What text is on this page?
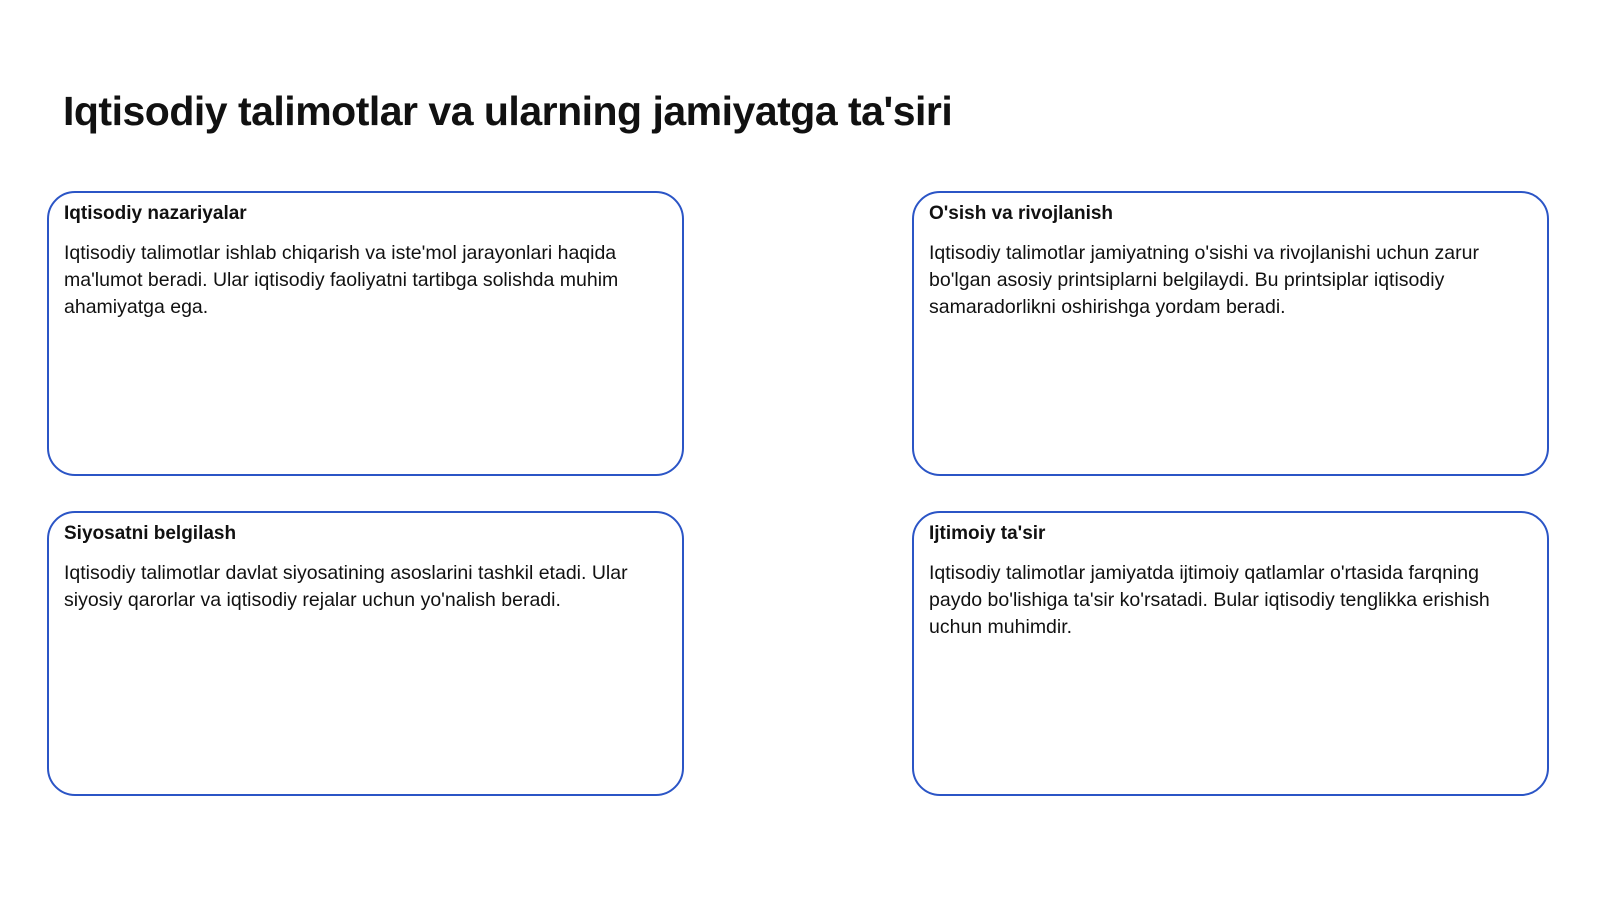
Iqtisodiy talimotlar va ularning jamiyatga ta'siri
Iqtisodiy nazariyalar

Iqtisodiy talimotlar ishlab chiqarish va iste'mol jarayonlari haqida ma'lumot beradi. Ular iqtisodiy faoliyatni tartibga solishda muhim ahamiyatga ega.

O'sish va rivojlanish

Iqtisodiy talimotlar jamiyatning o'sishi va rivojlanishi uchun zarur bo'lgan asosiy printsiplarni belgilaydi. Bu printsiplar iqtisodiy samaradorlikni oshirishga yordam beradi.

Siyosatni belgilash

Iqtisodiy talimotlar davlat siyosatining asoslarini tashkil etadi. Ular siyosiy qarorlar va iqtisodiy rejalar uchun yo'nalish beradi.

Ijtimoiy ta'sir

Iqtisodiy talimotlar jamiyatda ijtimoiy qatlamlar o'rtasida farqning paydo bo'lishiga ta'sir ko'rsatadi. Bular iqtisodiy tenglikka erishish uchun muhimdir.
